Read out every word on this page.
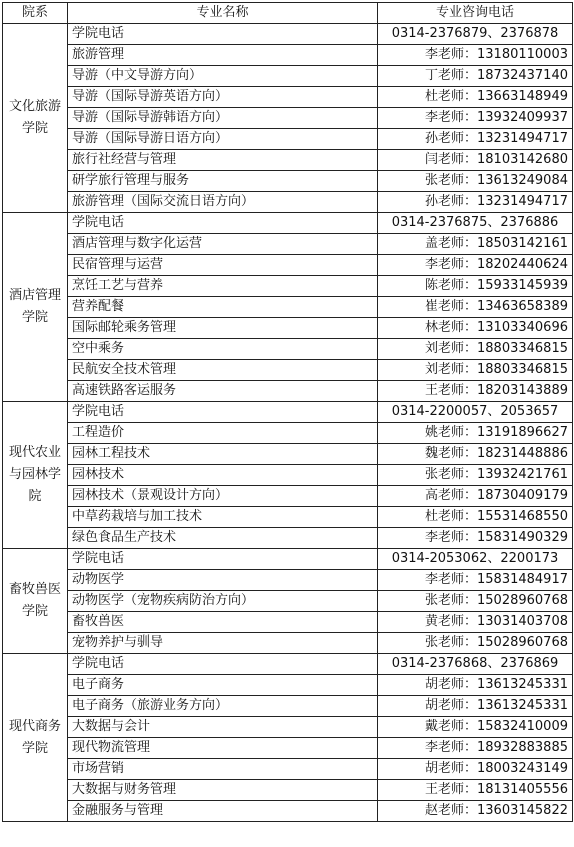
院系	专业名称	专业咨询电话
文化旅游学院	学院电话	0314-2376879、2376878
	旅游管理	李老师：13180110003
	导游（中文导游方向）	丁老师：18732437140
	导游（国际导游英语方向）	杜老师：13663148949
	导游（国际导游韩语方向）	李老师：13932409937
	导游（国际导游日语方向）	孙老师：13231494717
	旅行社经营与管理	闫老师：18103142680
	研学旅行管理与服务	张老师：13613249084
	旅游管理（国际交流日语方向）	孙老师：13231494717
酒店管理学院	学院电话	0314-2376875、2376886
	酒店管理与数字化运营	盖老师：18503142161
	民宿管理与运营	李老师：18202440624
	烹饪工艺与营养	陈老师：15933145939
	营养配餐	崔老师：13463658389
	国际邮轮乘务管理	林老师：13103340696
	空中乘务	刘老师：18803346815
	民航安全技术管理	刘老师：18803346815
	高速铁路客运服务	王老师：18203143889
现代农业与园林学院	学院电话	0314-2200057、2053657
	工程造价	姚老师：13191896627
	园林工程技术	魏老师：18231448886
	园林技术	张老师：13932421761
	园林技术（景观设计方向）	高老师：18730409179
	中草药栽培与加工技术	杜老师：15531468550
	绿色食品生产技术	李老师：15831490329
畜牧兽医学院	学院电话	0314-2053062、2200173
	动物医学	李老师：15831484917
	动物医学（宠物疾病防治方向）	张老师：15028960768
	畜牧兽医	黄老师：13031403708
	宠物养护与驯导	张老师：15028960768
现代商务学院	学院电话	0314-2376868、2376869
	电子商务	胡老师：13613245331
	电子商务（旅游业务方向）	胡老师：13613245331
	大数据与会计	戴老师：15832410009
	现代物流管理	李老师：18932883885
	市场营销	胡老师：18003243149
	大数据与财务管理	王老师：18131405556
	金融服务与管理	赵老师：13603145822
